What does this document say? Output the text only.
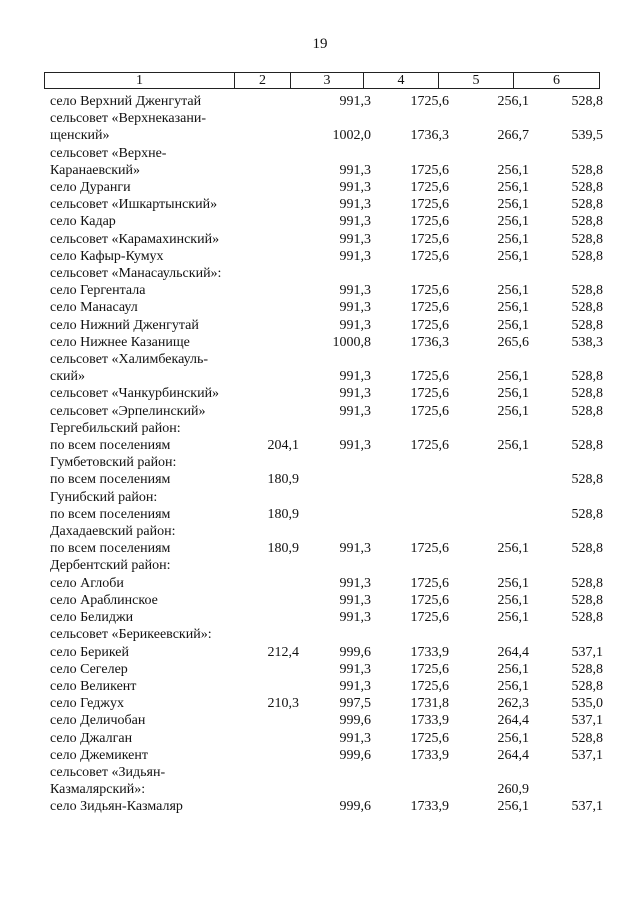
19
1	2	3	4	5	6
село Верхний Дженгутай		991,3	1725,6	256,1	528,8
сельсовет «Верхнеказани-					
щенский»		1002,0	1736,3	266,7	539,5
сельсовет «Верхне-					
Каранаевский»		991,3	1725,6	256,1	528,8
село Дуранги		991,3	1725,6	256,1	528,8
сельсовет «Ишкартынский»		991,3	1725,6	256,1	528,8
село Кадар		991,3	1725,6	256,1	528,8
сельсовет «Карамахинский»		991,3	1725,6	256,1	528,8
село Кафыр-Кумух		991,3	1725,6	256,1	528,8
сельсовет «Манасаульский»:					
село Гергентала		991,3	1725,6	256,1	528,8
село Манасаул		991,3	1725,6	256,1	528,8
село Нижний Дженгутай		991,3	1725,6	256,1	528,8
село Нижнее Казанище		1000,8	1736,3	265,6	538,3
сельсовет «Халимбекауль-					
ский»		991,3	1725,6	256,1	528,8
сельсовет «Чанкурбинский»		991,3	1725,6	256,1	528,8
сельсовет «Эрпелинский»		991,3	1725,6	256,1	528,8
Гергебильский район:					
по всем поселениям	204,1	991,3	1725,6	256,1	528,8
Гумбетовский район:					
по всем поселениям	180,9				528,8
Гунибский район:					
по всем поселениям	180,9				528,8
Дахадаевский район:					
по всем поселениям	180,9	991,3	1725,6	256,1	528,8
Дербентский район:					
село Аглоби		991,3	1725,6	256,1	528,8
село Араблинское		991,3	1725,6	256,1	528,8
село Белиджи		991,3	1725,6	256,1	528,8
сельсовет «Берикеевский»:					
село Берикей	212,4	999,6	1733,9	264,4	537,1
село Сегелер		991,3	1725,6	256,1	528,8
село Великент		991,3	1725,6	256,1	528,8
село Геджух	210,3	997,5	1731,8	262,3	535,0
село Деличобан		999,6	1733,9	264,4	537,1
село Джалган		991,3	1725,6	256,1	528,8
село Джемикент		999,6	1733,9	264,4	537,1
сельсовет «Зидьян-					
Казмалярский»:				260,9	
село Зидьян-Казмаляр		999,6	1733,9	256,1	537,1
